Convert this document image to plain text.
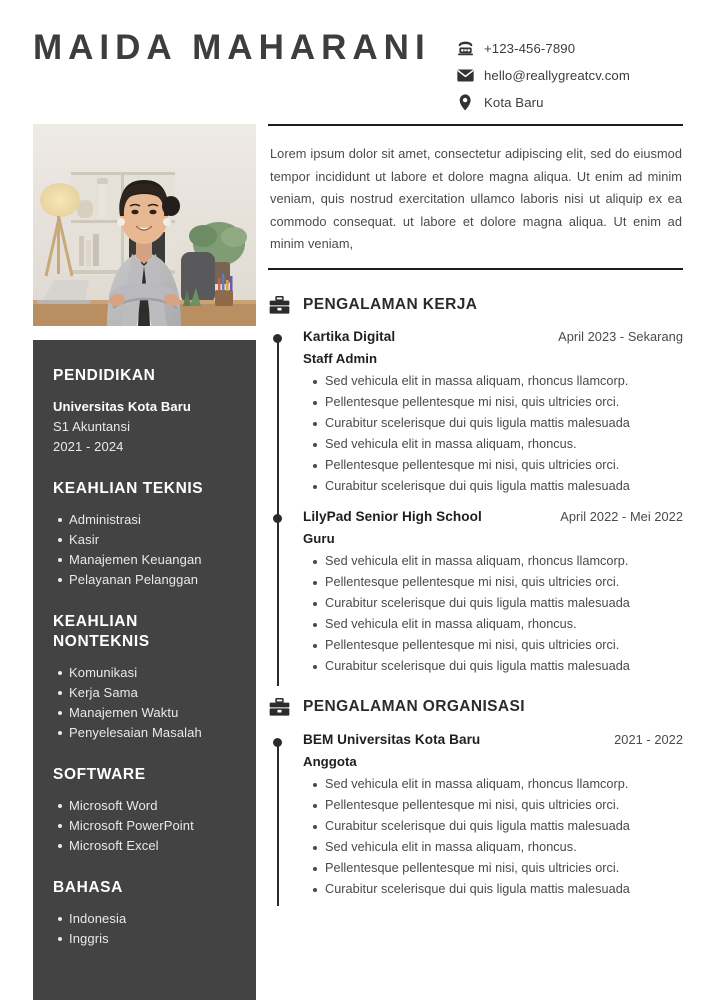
MAIDA MAHARANI	+123-456-7890
hello@reallygreatcv.com
Kota Baru
PENDIDIKAN
Universitas Kota Baru
S1 Akuntansi
2021 - 2024
KEAHLIAN TEKNIS
Administrasi
Kasir
Manajemen Keuangan
Pelayanan Pelanggan
KEAHLIAN NONTEKNIS
Komunikasi
Kerja Sama
Manajemen Waktu
Penyelesaian Masalah
SOFTWARE
Microsoft Word
Microsoft PowerPoint
Microsoft Excel
BAHASA
Indonesia
Inggris
Lorem ipsum dolor sit amet, consectetur adipiscing elit, sed do eiusmod tempor incididunt ut labore et dolore magna aliqua. Ut enim ad minim veniam, quis nostrud exercitation ullamco laboris nisi ut aliquip ex ea commodo consequat. ut labore et dolore magna aliqua. Ut enim ad minim veniam,
PENGALAMAN KERJA
Kartika Digital	April 2023 - Sekarang
Staff Admin
Sed vehicula elit in massa aliquam, rhoncus llamcorp.
Pellentesque pellentesque mi nisi, quis ultricies orci.
Curabitur scelerisque dui quis ligula mattis malesuada
Sed vehicula elit in massa aliquam, rhoncus.
Pellentesque pellentesque mi nisi, quis ultricies orci.
Curabitur scelerisque dui quis ligula mattis malesuada
LilyPad Senior High School	April 2022 - Mei 2022
Guru
Sed vehicula elit in massa aliquam, rhoncus llamcorp.
Pellentesque pellentesque mi nisi, quis ultricies orci.
Curabitur scelerisque dui quis ligula mattis malesuada
Sed vehicula elit in massa aliquam, rhoncus.
Pellentesque pellentesque mi nisi, quis ultricies orci.
Curabitur scelerisque dui quis ligula mattis malesuada
PENGALAMAN ORGANISASI
BEM Universitas Kota Baru	2021 - 2022
Anggota
Sed vehicula elit in massa aliquam, rhoncus llamcorp.
Pellentesque pellentesque mi nisi, quis ultricies orci.
Curabitur scelerisque dui quis ligula mattis malesuada
Sed vehicula elit in massa aliquam, rhoncus.
Pellentesque pellentesque mi nisi, quis ultricies orci.
Curabitur scelerisque dui quis ligula mattis malesuada
